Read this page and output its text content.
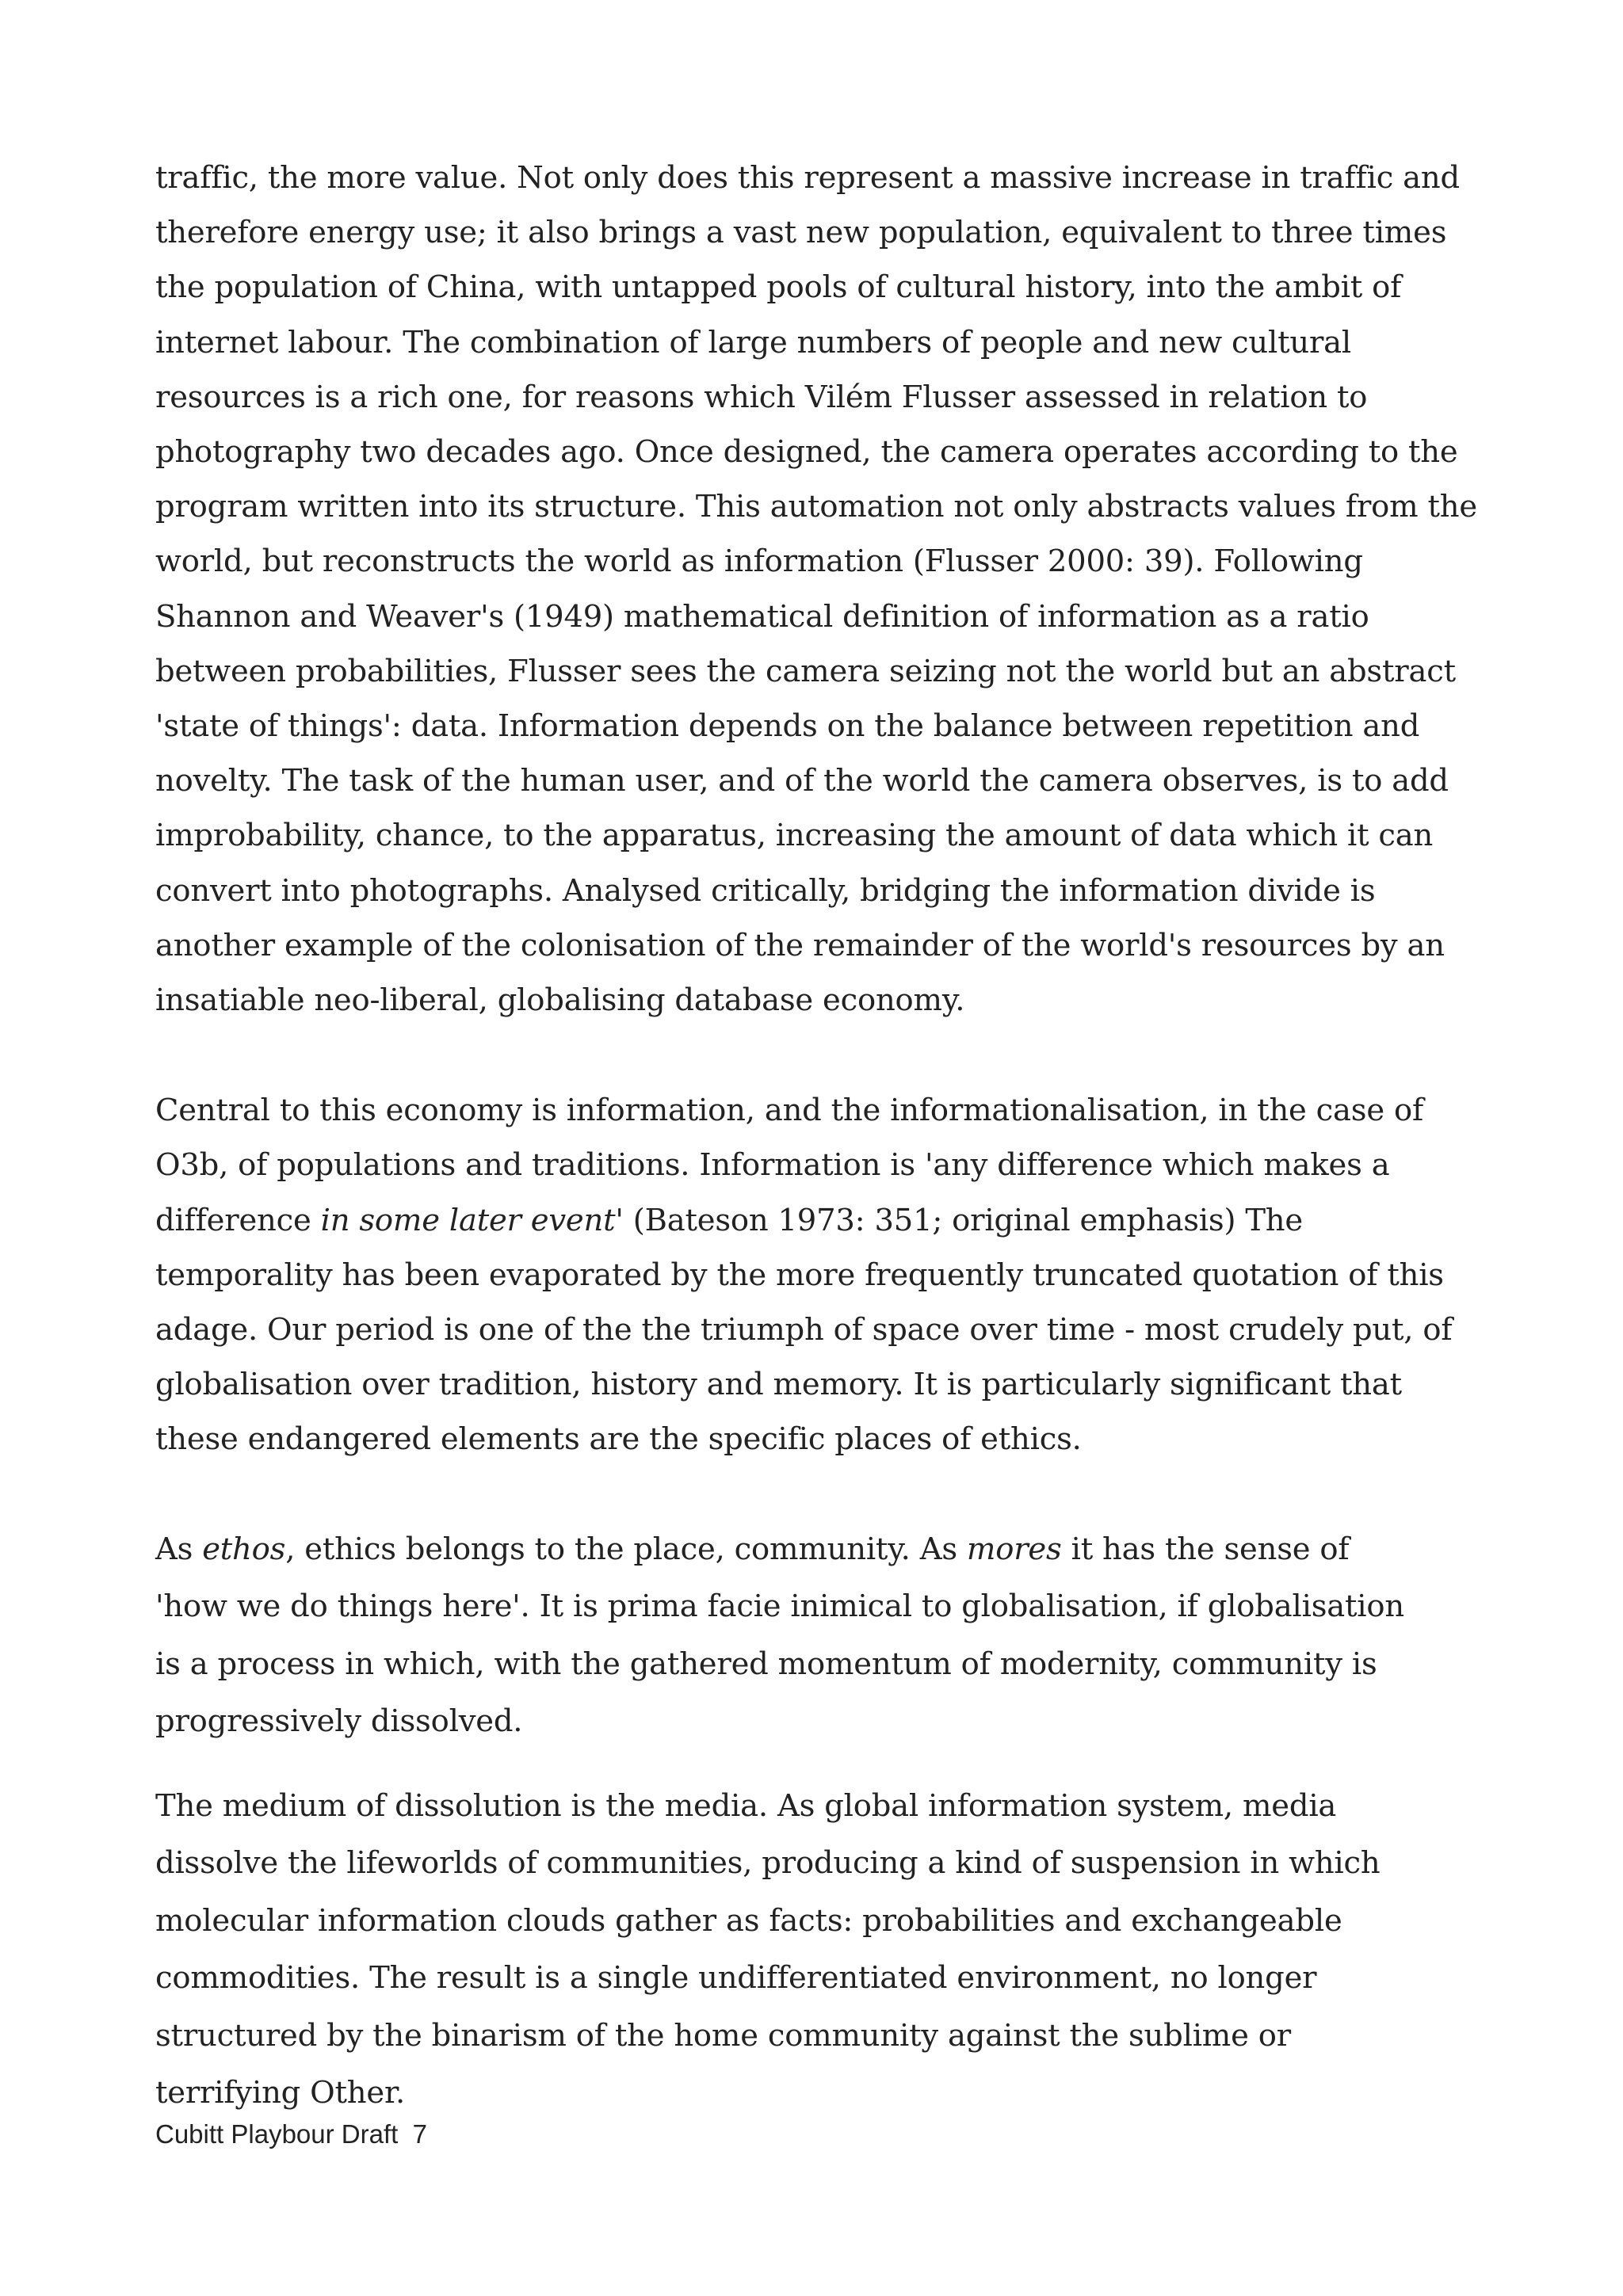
traffic, the more value. Not only does this represent a massive increase in traffic and therefore energy use; it also brings a vast new population, equivalent to three times the population of China, with untapped pools of cultural history, into the ambit of internet labour. The combination of large numbers of people and new cultural resources is a rich one, for reasons which Vilém Flusser assessed in relation to photography two decades ago. Once designed, the camera operates according to the program written into its structure. This automation not only abstracts values from the world, but reconstructs the world as information (Flusser 2000: 39). Following Shannon and Weaver's (1949) mathematical definition of information as a ratio between probabilities, Flusser sees the camera seizing not the world but an abstract 'state of things': data. Information depends on the balance between repetition and novelty. The task of the human user, and of the world the camera observes, is to add improbability, chance, to the apparatus, increasing the amount of data which it can convert into photographs. Analysed critically, bridging the information divide is another example of the colonisation of the remainder of the world's resources by an insatiable neo-liberal, globalising database economy.

Central to this economy is information, and the informationalisation, in the case of O3b, of populations and traditions. Information is 'any difference which makes a difference in some later event' (Bateson 1973: 351; original emphasis) The temporality has been evaporated by the more frequently truncated quotation of this adage. Our period is one of the the triumph of space over time - most crudely put, of globalisation over tradition, history and memory. It is particularly significant that these endangered elements are the specific places of ethics.

As ethos, ethics belongs to the place, community. As mores it has the sense of 'how we do things here'. It is prima facie inimical to globalisation, if globalisation is a process in which, with the gathered momentum of modernity, community is progressively dissolved.

The medium of dissolution is the media. As global information system, media dissolve the lifeworlds of communities, producing a kind of suspension in which molecular information clouds gather as facts: probabilities and exchangeable commodities. The result is a single undifferentiated environment, no longer structured by the binarism of the home community against the sublime or terrifying Other.

Cubitt Playbour Draft 7
